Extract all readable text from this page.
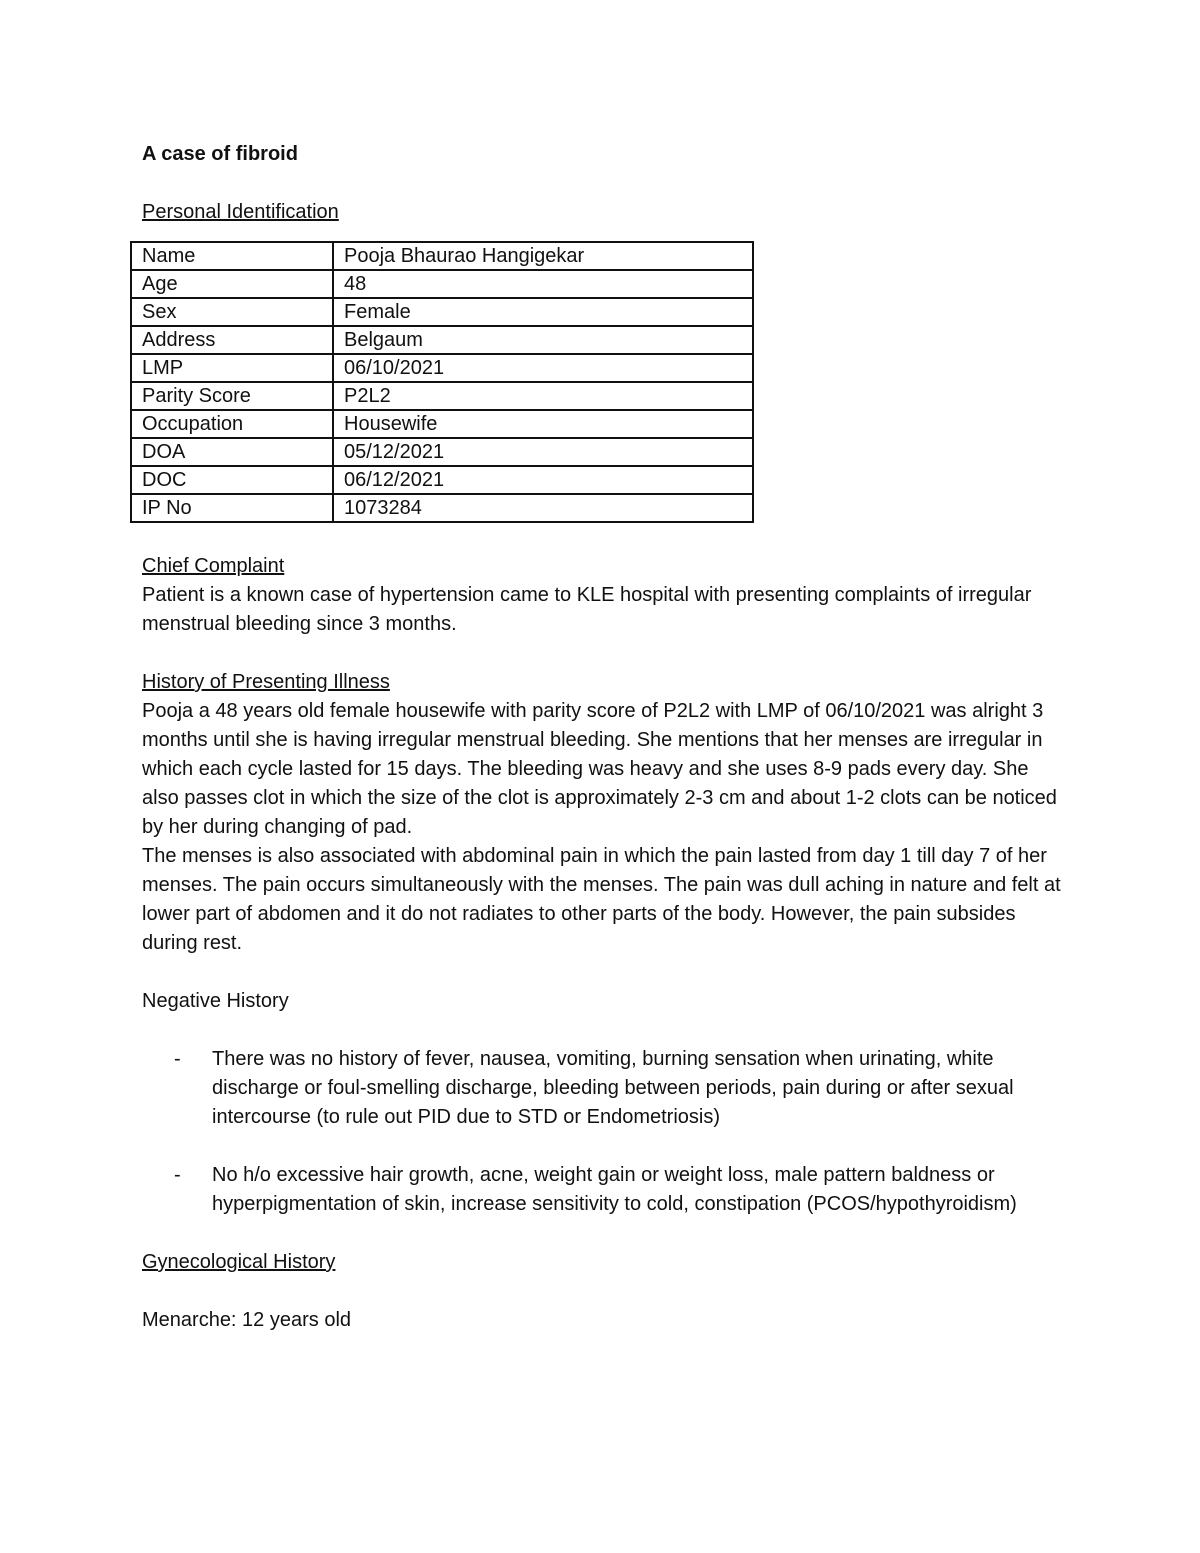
A case of fibroid
Personal Identification
Name	Pooja Bhaurao Hangigekar
Age	48
Sex	Female
Address	Belgaum
LMP	06/10/2021
Parity Score	P2L2
Occupation	Housewife
DOA	05/12/2021
DOC	06/12/2021
IP No	1073284
Chief Complaint

Patient is a known case of hypertension came to KLE hospital with presenting complaints of irregular menstrual bleeding since 3 months.

History of Presenting Illness

Pooja a 48 years old female housewife with parity score of P2L2 with LMP of 06/10/2021 was alright 3 months until she is having irregular menstrual bleeding. She mentions that her menses are irregular in which each cycle lasted for 15 days. The bleeding was heavy and she uses 8-9 pads every day. She also passes clot in which the size of the clot is approximately 2-3 cm and about 1-2 clots can be noticed by her during changing of pad.

The menses is also associated with abdominal pain in which the pain lasted from day 1 till day 7 of her menses. The pain occurs simultaneously with the menses. The pain was dull aching in nature and felt at lower part of abdomen and it do not radiates to other parts of the body. However, the pain subsides during rest.

Negative History
- There was no history of fever, nausea, vomiting, burning sensation when urinating, white discharge or foul-smelling discharge, bleeding between periods, pain during or after sexual intercourse (to rule out PID due to STD or Endometriosis)
- No h/o excessive hair growth, acne, weight gain or weight loss, male pattern baldness or hyperpigmentation of skin, increase sensitivity to cold, constipation (PCOS/hypothyroidism)
Gynecological History

Menarche: 12 years old
